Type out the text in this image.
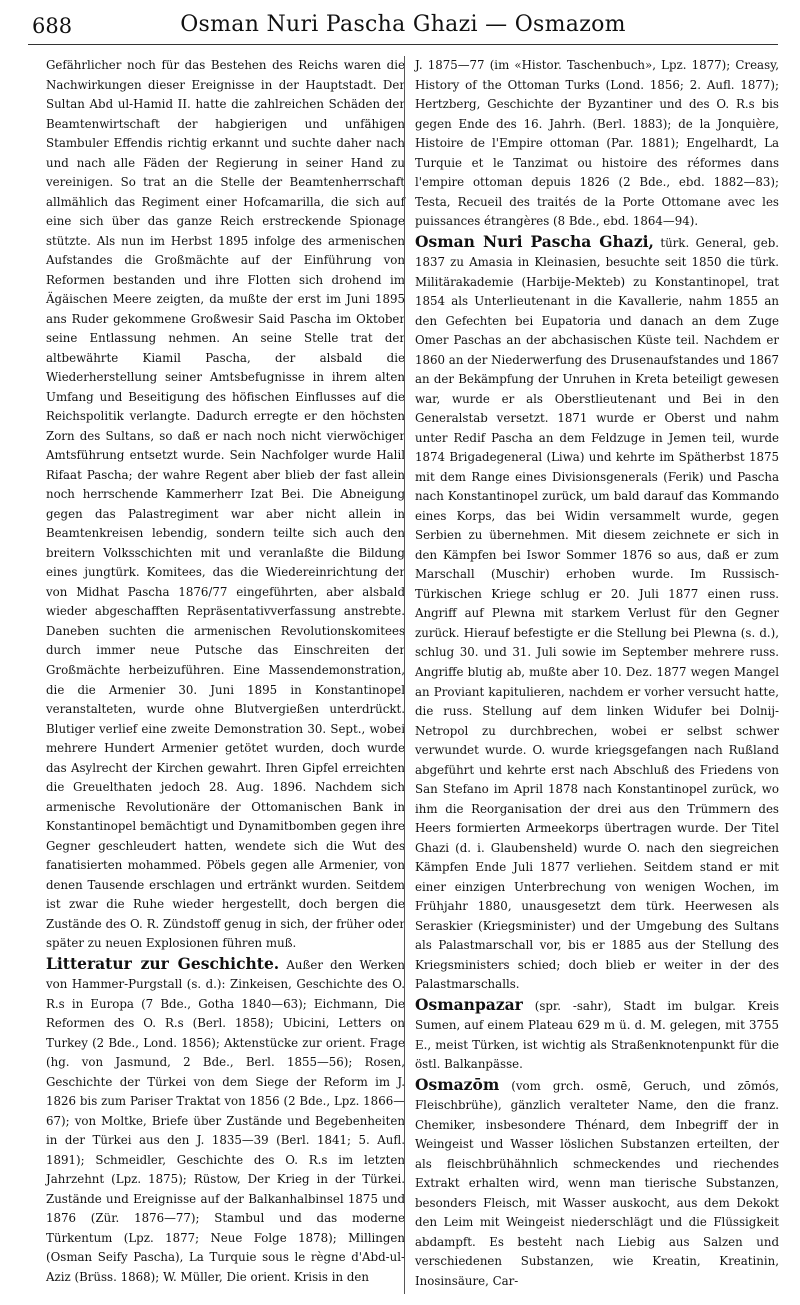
688	Osman Nuri Pascha Ghazi — Osmazom

Gefährlicher noch für das Bestehen des Reichs waren die Nachwirkungen dieser Ereignisse in der Hauptstadt. Der Sultan Abd ul-Hamid II. hatte die zahlreichen Schäden der Beamtenwirtschaft der habgierigen und unfähigen Stambuler Effendis richtig erkannt und suchte daher nach und nach alle Fäden der Regierung in seiner Hand zu vereinigen. So trat an die Stelle der Beamtenherrschaft allmählich das Regiment einer Hofcamarilla, die sich auf eine sich über das ganze Reich erstreckende Spionage stützte. Als nun im Herbst 1895 infolge des armenischen Aufstandes die Großmächte auf der Einführung von Reformen bestanden und ihre Flotten sich drohend im Ägäischen Meere zeigten, da mußte der erst im Juni 1895 ans Ruder gekommene Großwesir Said Pascha im Oktober seine Entlassung nehmen. An seine Stelle trat der altbewährte Kiamil Pascha, der alsbald die Wiederherstellung seiner Amtsbefugnisse in ihrem alten Umfang und Beseitigung des höfischen Einflusses auf die Reichspolitik verlangte. Dadurch erregte er den höchsten Zorn des Sultans, so daß er nach noch nicht vierwöchiger Amtsführung entsetzt wurde. Sein Nachfolger wurde Halil Rifaat Pascha; der wahre Regent aber blieb der fast allein noch herrschende Kammerherr Izat Bei. Die Abneigung gegen das Palastregiment war aber nicht allein in Beamtenkreisen lebendig, sondern teilte sich auch den breitern Volksschichten mit und veranlaßte die Bildung eines jungtürk. Komitees, das die Wiedereinrichtung der von Midhat Pascha 1876/77 eingeführten, aber alsbald wieder abgeschafften Repräsentativverfassung anstrebte. Daneben suchten die armenischen Revolutionskomitees durch immer neue Putsche das Einschreiten der Großmächte herbeizuführen. Eine Massendemonstration, die die Armenier 30. Juni 1895 in Konstantinopel veranstalteten, wurde ohne Blutvergießen unterdrückt. Blutiger verlief eine zweite Demonstration 30. Sept., wobei mehrere Hundert Armenier getötet wurden, doch wurde das Asylrecht der Kirchen gewahrt. Ihren Gipfel erreichten die Greuelthaten jedoch 28. Aug. 1896. Nachdem sich armenische Revolutionäre der Ottomanischen Bank in Konstantinopel bemächtigt und Dynamitbomben gegen ihre Gegner geschleudert hatten, wendete sich die Wut des fanatisierten mohammed. Pöbels gegen alle Armenier, von denen Tausende erschlagen und ertränkt wurden. Seitdem ist zwar die Ruhe wieder hergestellt, doch bergen die Zustände des O. R. Zündstoff genug in sich, der früher oder später zu neuen Explosionen führen muß.

Litteratur zur Geschichte. Außer den Werken von Hammer-Purgstall (s. d.): Zinkeisen, Geschichte des O. R.s in Europa (7 Bde., Gotha 1840—63); Eichmann, Die Reformen des O. R.s (Berl. 1858); Ubicini, Letters on Turkey (2 Bde., Lond. 1856); Aktenstücke zur orient. Frage (hg. von Jasmund, 2 Bde., Berl. 1855—56); Rosen, Geschichte der Türkei von dem Siege der Reform im J. 1826 bis zum Pariser Traktat von 1856 (2 Bde., Lpz. 1866—67); von Moltke, Briefe über Zustände und Begebenheiten in der Türkei aus den J. 1835—39 (Berl. 1841; 5. Aufl. 1891); Schmeidler, Geschichte des O. R.s im letzten Jahrzehnt (Lpz. 1875); Rüstow, Der Krieg in der Türkei. Zustände und Ereignisse auf der Balkanhalbinsel 1875 und 1876 (Zür. 1876—77); Stambul und das moderne Türkentum (Lpz. 1877; Neue Folge 1878); Millingen (Osman Seify Pascha), La Turquie sous le règne d'Abd-ul-Aziz (Brüss. 1868); W. Müller, Die orient. Krisis in den

J. 1875—77 (im «Histor. Taschenbuch», Lpz. 1877); Creasy, History of the Ottoman Turks (Lond. 1856; 2. Aufl. 1877); Hertzberg, Geschichte der Byzantiner und des O. R.s bis gegen Ende des 16. Jahrh. (Berl. 1883); de la Jonquière, Histoire de l'Empire ottoman (Par. 1881); Engelhardt, La Turquie et le Tanzimat ou histoire des réformes dans l'empire ottoman depuis 1826 (2 Bde., ebd. 1882—83); Testa, Recueil des traités de la Porte Ottomane avec les puissances étrangères (8 Bde., ebd. 1864—94).

Osman Nuri Pascha Ghazi, türk. General, geb. 1837 zu Amasia in Kleinasien, besuchte seit 1850 die türk. Militärakademie (Harbije-Mekteb) zu Konstantinopel, trat 1854 als Unterlieutenant in die Kavallerie, nahm 1855 an den Gefechten bei Eupatoria und danach an dem Zuge Omer Paschas an der abchasischen Küste teil. Nachdem er 1860 an der Niederwerfung des Drusenaufstandes und 1867 an der Bekämpfung der Unruhen in Kreta beteiligt gewesen war, wurde er als Oberstlieutenant und Bei in den Generalstab versetzt. 1871 wurde er Oberst und nahm unter Redif Pascha an dem Feldzuge in Jemen teil, wurde 1874 Brigadegeneral (Liwa) und kehrte im Spätherbst 1875 mit dem Range eines Divisionsgenerals (Ferik) und Pascha nach Konstantinopel zurück, um bald darauf das Kommando eines Korps, das bei Widin versammelt wurde, gegen Serbien zu übernehmen. Mit diesem zeichnete er sich in den Kämpfen bei Iswor Sommer 1876 so aus, daß er zum Marschall (Muschir) erhoben wurde. Im Russisch-Türkischen Kriege schlug er 20. Juli 1877 einen russ. Angriff auf Plewna mit starkem Verlust für den Gegner zurück. Hierauf befestigte er die Stellung bei Plewna (s. d.), schlug 30. und 31. Juli sowie im September mehrere russ. Angriffe blutig ab, mußte aber 10. Dez. 1877 wegen Mangel an Proviant kapitulieren, nachdem er vorher versucht hatte, die russ. Stellung auf dem linken Widufer bei Dolnij-Netropol zu durchbrechen, wobei er selbst schwer verwundet wurde. O. wurde kriegsgefangen nach Rußland abgeführt und kehrte erst nach Abschluß des Friedens von San Stefano im April 1878 nach Konstantinopel zurück, wo ihm die Reorganisation der drei aus den Trümmern des Heers formierten Armeekorps übertragen wurde. Der Titel Ghazi (d. i. Glaubensheld) wurde O. nach den siegreichen Kämpfen Ende Juli 1877 verliehen. Seitdem stand er mit einer einzigen Unterbrechung von wenigen Wochen, im Frühjahr 1880, unausgesetzt dem türk. Heerwesen als Seraskier (Kriegsminister) und der Umgebung des Sultans als Palastmarschall vor, bis er 1885 aus der Stellung des Kriegsministers schied; doch blieb er weiter in der des Palastmarschalls.

Osmanpazar (spr. -sahr), Stadt im bulgar. Kreis Sumen, auf einem Plateau 629 m ü. d. M. gelegen, mit 3755 E., meist Türken, ist wichtig als Straßenknotenpunkt für die östl. Balkanpässe.

Osmazōm (vom grch. osmē, Geruch, und zōmós, Fleischbrühe), gänzlich veralteter Name, den die franz. Chemiker, insbesondere Thénard, dem Inbegriff der in Weingeist und Wasser löslichen Substanzen erteilten, der als fleischbrühähnlich schmeckendes und riechendes Extrakt erhalten wird, wenn man tierische Substanzen, besonders Fleisch, mit Wasser auskocht, aus dem Dekokt den Leim mit Weingeist niederschlägt und die Flüssigkeit abdampft. Es besteht nach Liebig aus Salzen und verschiedenen Substanzen, wie Kreatin, Kreatinin, Inosinsäure, Car-
